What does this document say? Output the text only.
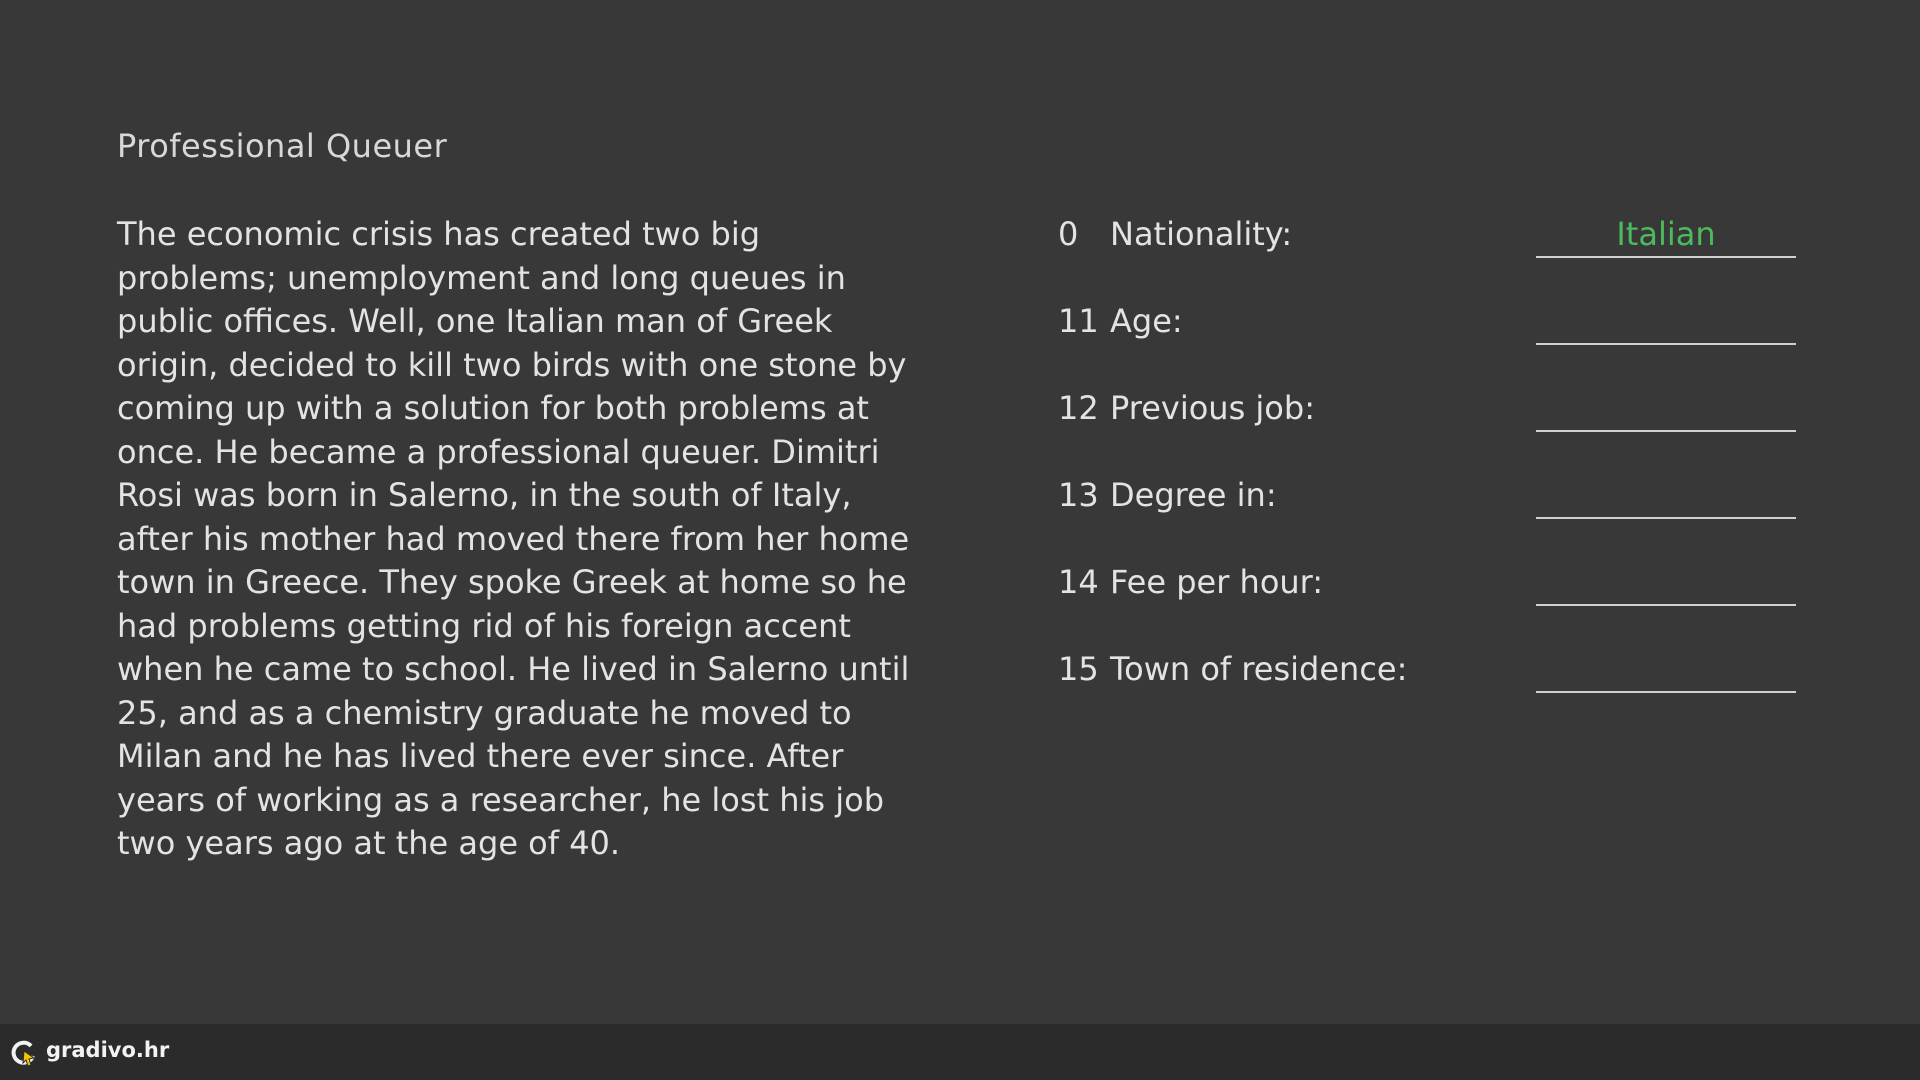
Professional Queuer

The economic crisis has created two big problems; unemployment and long queues in public offices. Well, one Italian man of Greek origin, decided to kill two birds with one stone by coming up with a solution for both problems at once. He became a professional queuer. Dimitri Rosi was born in Salerno, in the south of Italy, after his mother had moved there from her home town in Greece. They spoke Greek at home so he had problems getting rid of his foreign accent when he came to school. He lived in Salerno until 25, and as a chemistry graduate he moved to Milan and he has lived there ever since. After years of working as a researcher, he lost his job two years ago at the age of 40.

0 Nationality:	Italian
11 Age:
12 Previous job:
13 Degree in:
14 Fee per hour:
15 Town of residence:
gradivo.hr
